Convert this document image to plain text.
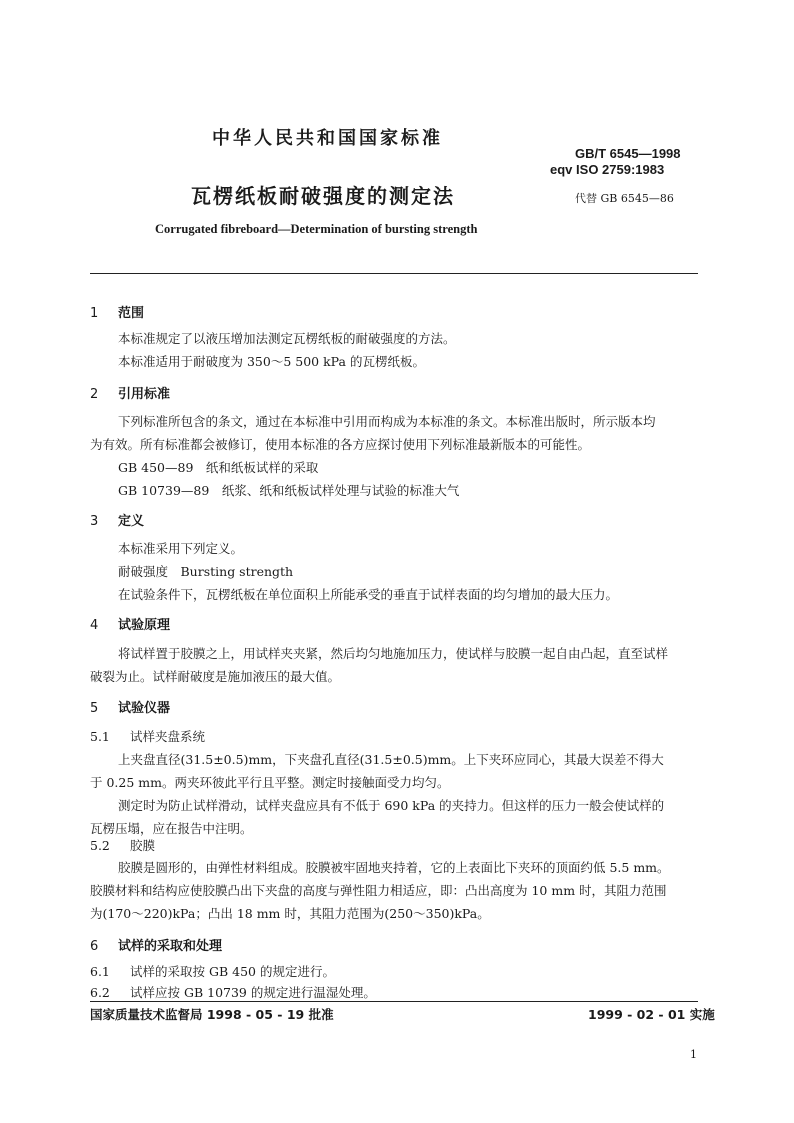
中华人民共和国国家标准
GB/T 6545—1998
eqv ISO 2759:1983
瓦楞纸板耐破强度的测定法	代替 GB 6545—86
Corrugated fibreboard—Determination of bursting strength
1 范围
本标准规定了以液压增加法测定瓦楞纸板的耐破强度的方法。
本标准适用于耐破度为 350～5 500 kPa 的瓦楞纸板。
2 引用标准
下列标准所包含的条文，通过在本标准中引用而构成为本标准的条文。本标准出版时，所示版本均
为有效。所有标准都会被修订，使用本标准的各方应探讨使用下列标准最新版本的可能性。
GB 450—89　纸和纸板试样的采取
GB 10739—89　纸浆、纸和纸板试样处理与试验的标准大气
3 定义
本标准采用下列定义。
耐破强度　Bursting strength
在试验条件下，瓦楞纸板在单位面积上所能承受的垂直于试样表面的均匀增加的最大压力。
4 试验原理
将试样置于胶膜之上，用试样夹夹紧，然后均匀地施加压力，使试样与胶膜一起自由凸起，直至试样
破裂为止。试样耐破度是施加液压的最大值。
5 试验仪器
5.1 试样夹盘系统
上夹盘直径(31.5±0.5)mm，下夹盘孔直径(31.5±0.5)mm。上下夹环应同心，其最大误差不得大
于 0.25 mm。两夹环彼此平行且平整。测定时接触面受力均匀。
测定时为防止试样滑动，试样夹盘应具有不低于 690 kPa 的夹持力。但这样的压力一般会使试样的
瓦楞压塌，应在报告中注明。
5.2 胶膜
胶膜是圆形的，由弹性材料组成。胶膜被牢固地夹持着，它的上表面比下夹环的顶面约低 5.5 mm。
胶膜材料和结构应使胶膜凸出下夹盘的高度与弹性阻力相适应，即：凸出高度为 10 mm 时，其阻力范围
为(170～220)kPa；凸出 18 mm 时，其阻力范围为(250～350)kPa。
6 试样的采取和处理
6.1 试样的采取按 GB 450 的规定进行。
6.2 试样应按 GB 10739 的规定进行温湿处理。
国家质量技术监督局 1998 - 05 - 19 批准	1999 - 02 - 01 实施
1
